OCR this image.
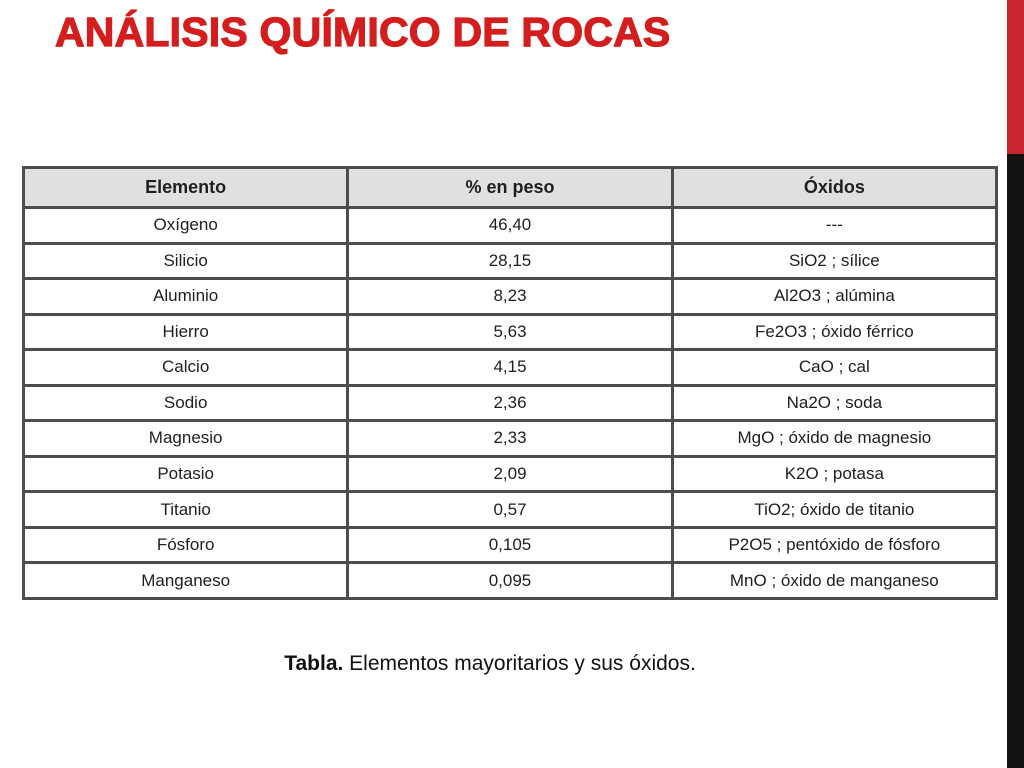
ANÁLISIS QUÍMICO DE ROCAS
Elemento	% en peso	Óxidos
Oxígeno	46,40	---
Silicio	28,15	SiO2 ; sílice
Aluminio	8,23	Al2O3 ; alúmina
Hierro	5,63	Fe2O3 ; óxido férrico
Calcio	4,15	CaO ; cal
Sodio	2,36	Na2O ; soda
Magnesio	2,33	MgO ; óxido de magnesio
Potasio	2,09	K2O ; potasa
Titanio	0,57	TiO2; óxido de titanio
Fósforo	0,105	P2O5 ; pentóxido de fósforo
Manganeso	0,095	MnO ; óxido de manganeso

Tabla. Elementos mayoritarios y sus óxidos.
